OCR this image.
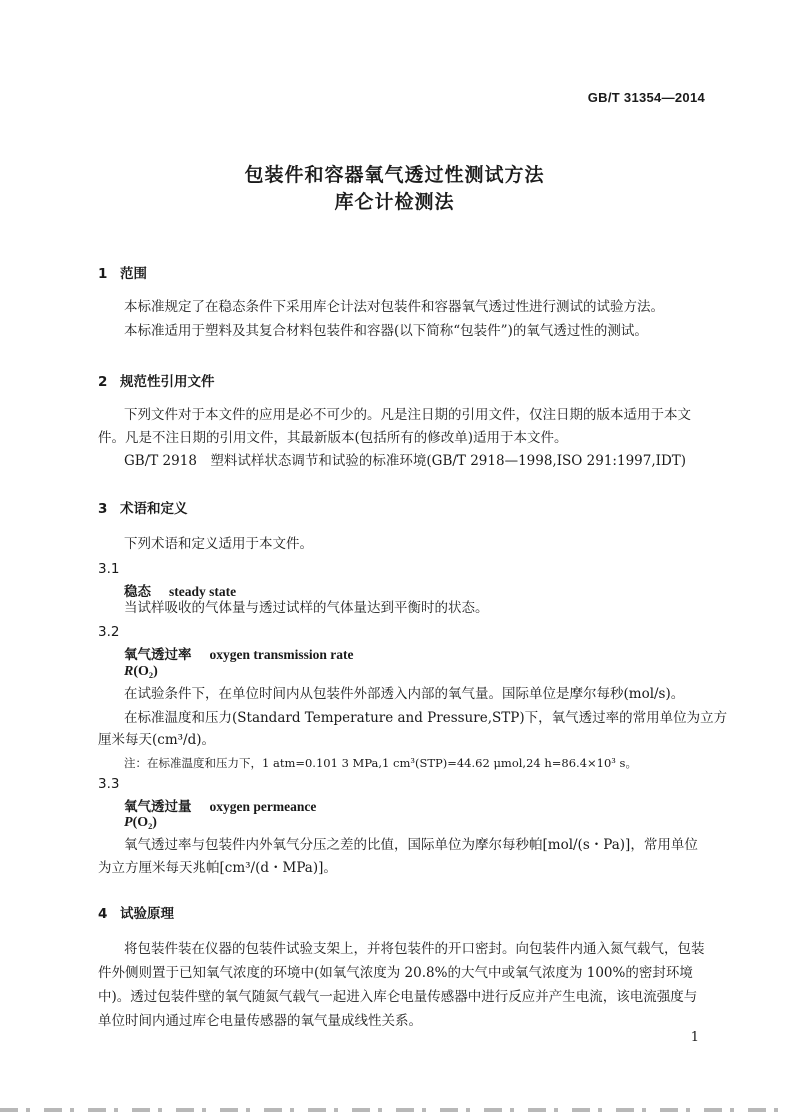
GB/T 31354—2014
包装件和容器氧气透过性测试方法
库仑计检测法
1 范围
本标准规定了在稳态条件下采用库仑计法对包装件和容器氧气透过性进行测试的试验方法。
本标准适用于塑料及其复合材料包装件和容器(以下简称“包装件”)的氧气透过性的测试。
2 规范性引用文件
下列文件对于本文件的应用是必不可少的。凡是注日期的引用文件，仅注日期的版本适用于本文
件。凡是不注日期的引用文件，其最新版本(包括所有的修改单)适用于本文件。
GB/T 2918　塑料试样状态调节和试验的标准环境(GB/T 2918—1998,ISO 291:1997,IDT)
3 术语和定义
下列术语和定义适用于本文件。
3.1
稳态 steady state
当试样吸收的气体量与透过试样的气体量达到平衡时的状态。
3.2
氧气透过率 oxygen transmission rate
R(O₂)
在试验条件下，在单位时间内从包装件外部透入内部的氧气量。国际单位是摩尔每秒(mol/s)。
在标准温度和压力(Standard Temperature and Pressure,STP)下，氧气透过率的常用单位为立方
厘米每天(cm³/d)。
注：在标准温度和压力下，1 atm=0.101 3 MPa,1 cm³(STP)=44.62 μmol,24 h=86.4×10³ s。
3.3
氧气透过量 oxygen permeance
P(O₂)
氧气透过率与包装件内外氧气分压之差的比值，国际单位为摩尔每秒帕[mol/(s・Pa)]，常用单位
为立方厘米每天兆帕[cm³/(d・MPa)]。
4 试验原理
将包装件装在仪器的包装件试验支架上，并将包装件的开口密封。向包装件内通入氮气载气，包装
件外侧则置于已知氧气浓度的环境中(如氧气浓度为 20.8%的大气中或氧气浓度为 100%的密封环境
中)。透过包装件壁的氧气随氮气载气一起进入库仑电量传感器中进行反应并产生电流，该电流强度与
单位时间内通过库仑电量传感器的氧气量成线性关系。
1
